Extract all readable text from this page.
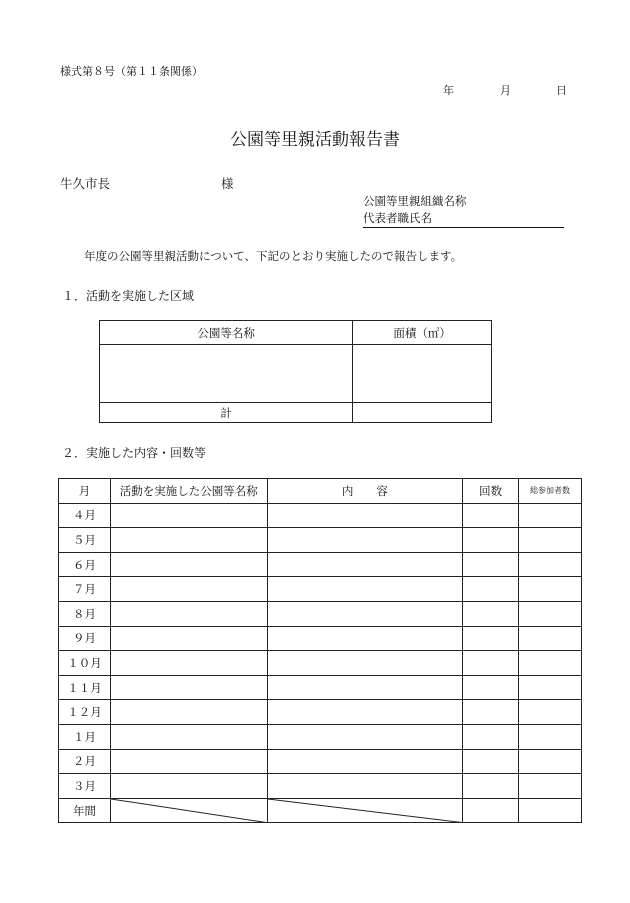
様式第８号（第１１条関係）
年	月	日
公園等里親活動報告書
牛久市長	様
公園等里親組織名称
代表者職氏名
年度の公園等里親活動について、下記のとおり実施したので報告します。
１．活動を実施した区域
公園等名称	面積（㎡）

計	
２．実施した内容・回数等
月	活動を実施した公園等名称	内　　容	回数	総参加者数
４月				
５月				
６月				
７月				
８月				
９月				
１０月				
１１月				
１２月				
１月				
２月				
３月				
年間	
